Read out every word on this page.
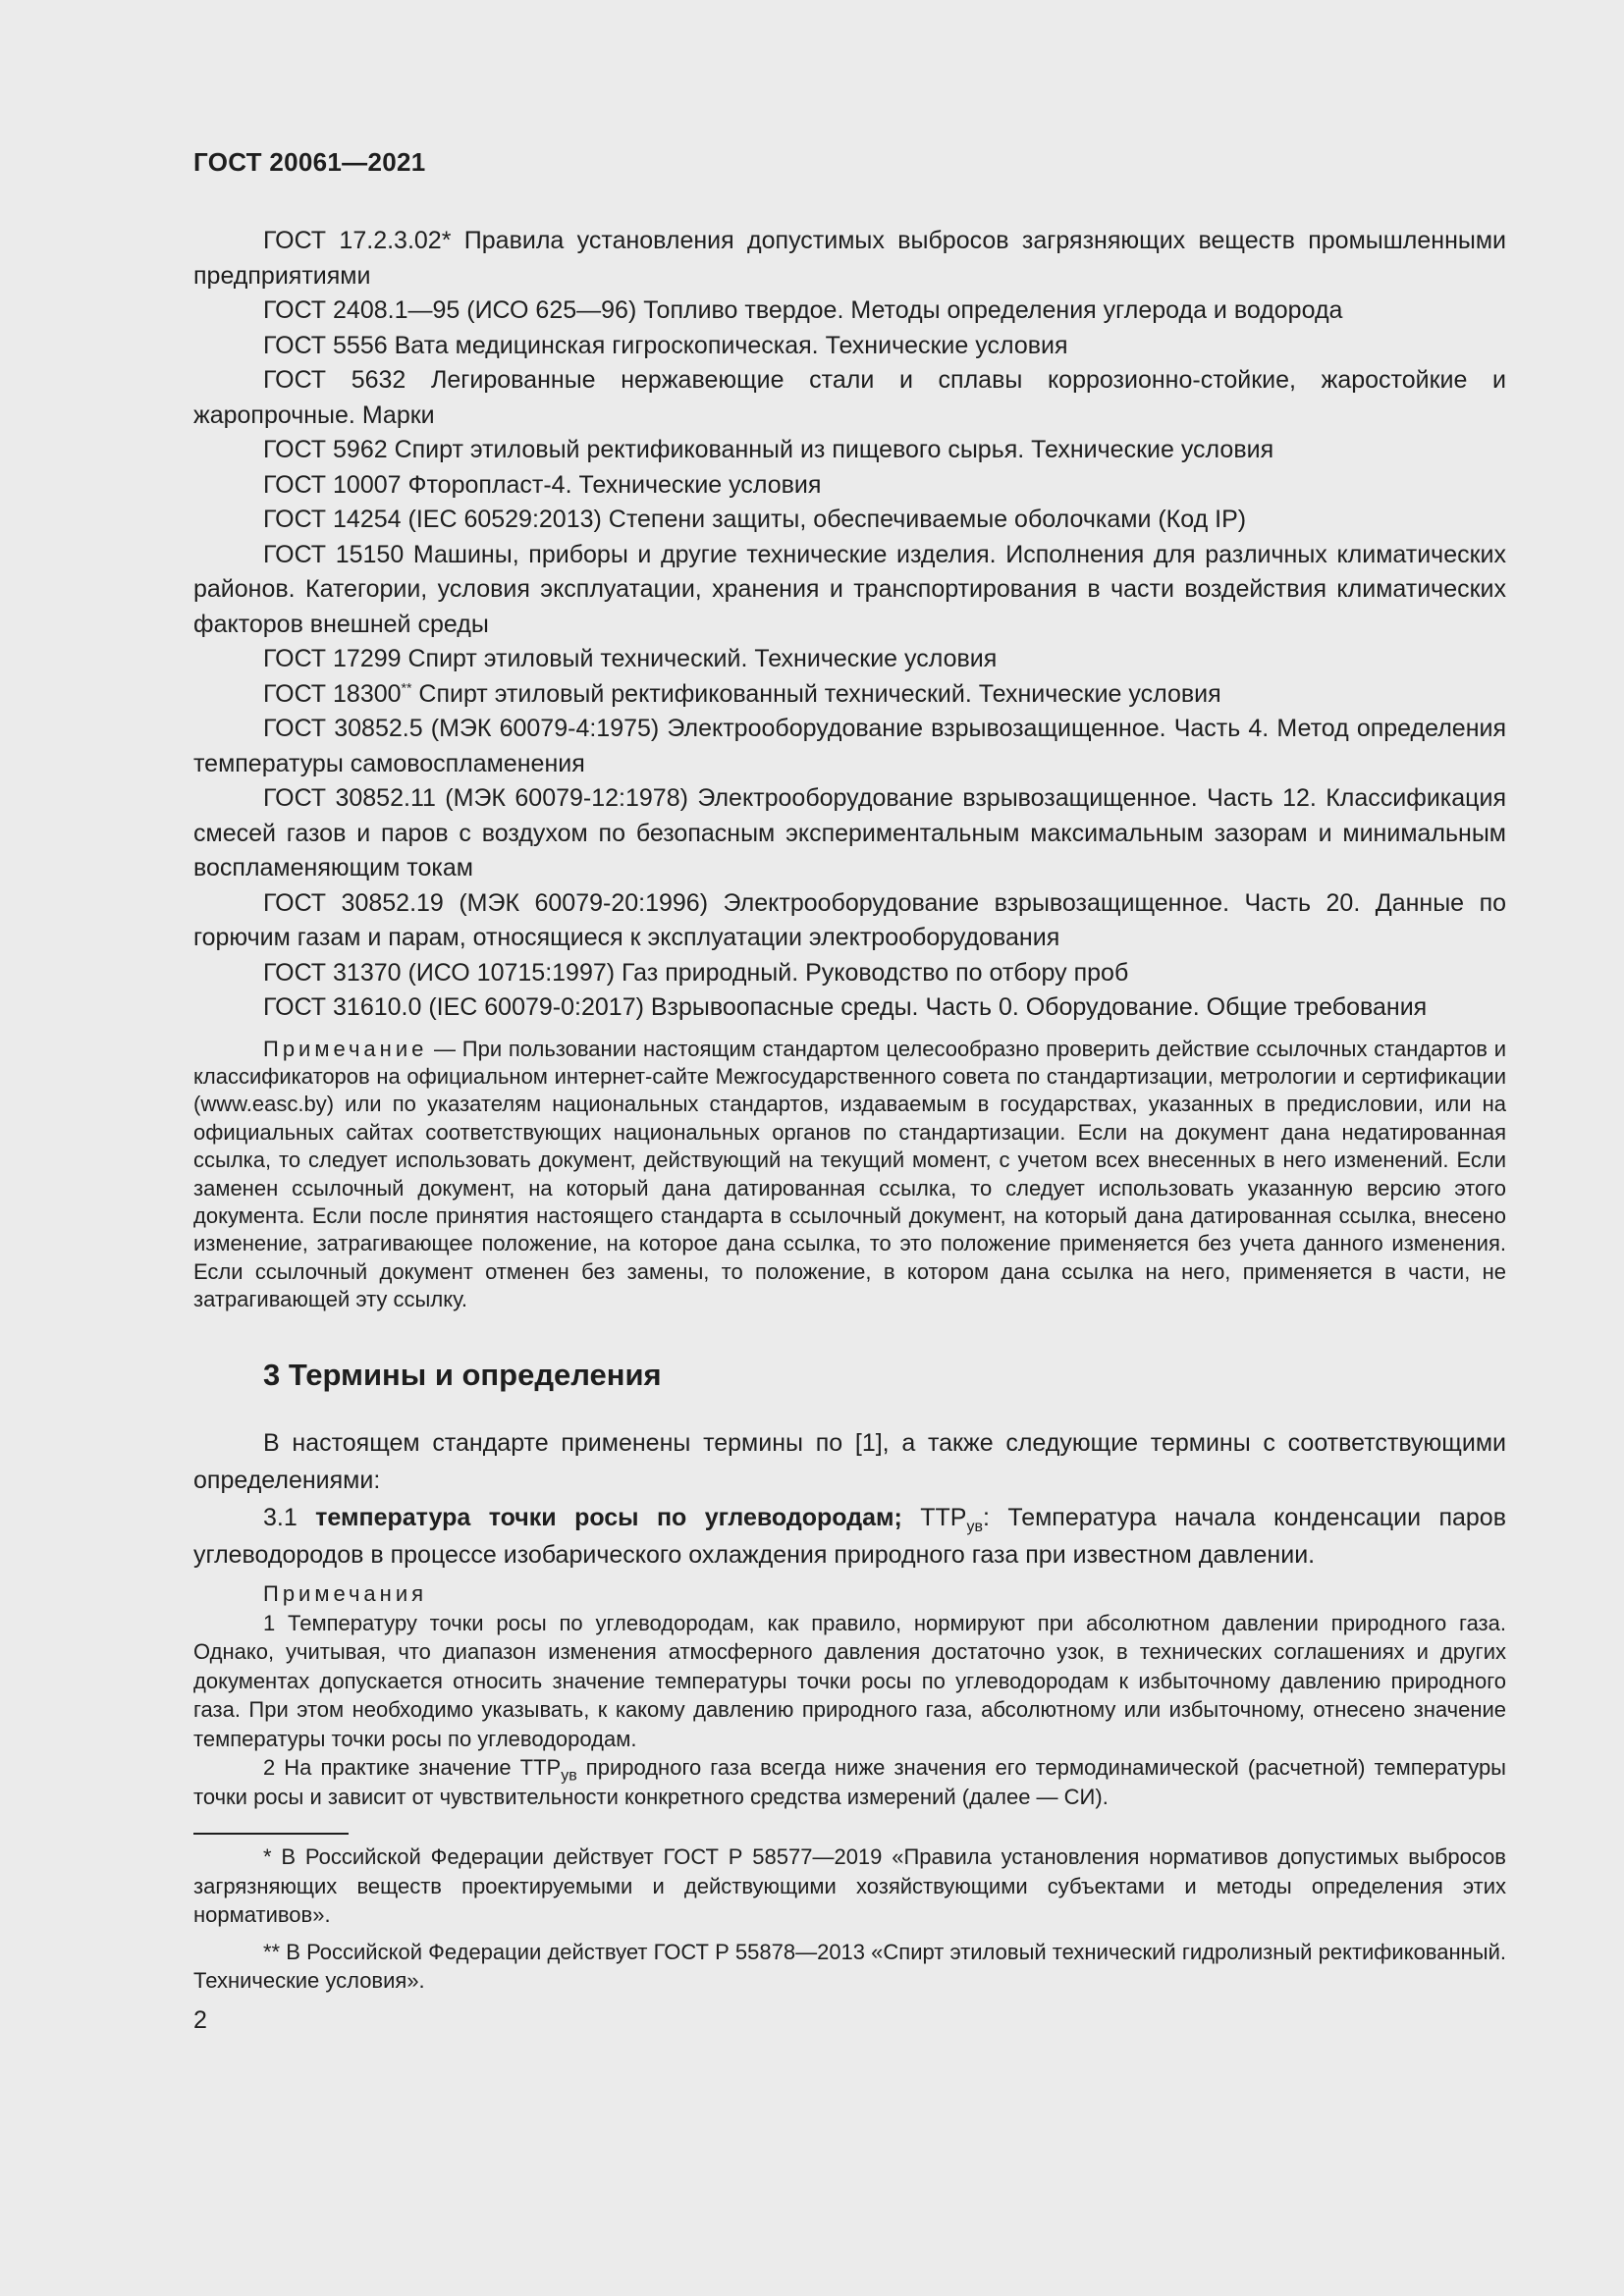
ГОСТ 20061—2021

ГОСТ 17.2.3.02* Правила установления допустимых выбросов загрязняющих веществ промышленными предприятиями

ГОСТ 2408.1—95 (ИСО 625—96) Топливо твердое. Методы определения углерода и водорода

ГОСТ 5556 Вата медицинская гигроскопическая. Технические условия

ГОСТ 5632 Легированные нержавеющие стали и сплавы коррозионно-стойкие, жаростойкие и жаропрочные. Марки

ГОСТ 5962 Спирт этиловый ректификованный из пищевого сырья. Технические условия

ГОСТ 10007 Фторопласт-4. Технические условия

ГОСТ 14254 (IEC 60529:2013) Степени защиты, обеспечиваемые оболочками (Код IP)

ГОСТ 15150 Машины, приборы и другие технические изделия. Исполнения для различных климатических районов. Категории, условия эксплуатации, хранения и транспортирования в части воздействия климатических факторов внешней среды

ГОСТ 17299 Спирт этиловый технический. Технические условия

ГОСТ 18300** Спирт этиловый ректификованный технический. Технические условия

ГОСТ 30852.5 (МЭК 60079-4:1975) Электрооборудование взрывозащищенное. Часть 4. Метод определения температуры самовоспламенения

ГОСТ 30852.11 (МЭК 60079-12:1978) Электрооборудование взрывозащищенное. Часть 12. Классификация смесей газов и паров с воздухом по безопасным экспериментальным максимальным зазорам и минимальным воспламеняющим токам

ГОСТ 30852.19 (МЭК 60079-20:1996) Электрооборудование взрывозащищенное. Часть 20. Данные по горючим газам и парам, относящиеся к эксплуатации электрооборудования

ГОСТ 31370 (ИСО 10715:1997) Газ природный. Руководство по отбору проб

ГОСТ 31610.0 (IEC 60079-0:2017) Взрывоопасные среды. Часть 0. Оборудование. Общие требования

Примечание — При пользовании настоящим стандартом целесообразно проверить действие ссылочных стандартов и классификаторов на официальном интернет-сайте Межгосударственного совета по стандартизации, метрологии и сертификации (www.easc.by) или по указателям национальных стандартов, издаваемым в государствах, указанных в предисловии, или на официальных сайтах соответствующих национальных органов по стандартизации. Если на документ дана недатированная ссылка, то следует использовать документ, действующий на текущий момент, с учетом всех внесенных в него изменений. Если заменен ссылочный документ, на который дана датированная ссылка, то следует использовать указанную версию этого документа. Если после принятия настоящего стандарта в ссылочный документ, на который дана датированная ссылка, внесено изменение, затрагивающее положение, на которое дана ссылка, то это положение применяется без учета данного изменения. Если ссылочный документ отменен без замены, то положение, в котором дана ссылка на него, применяется в части, не затрагивающей эту ссылку.

3 Термины и определения

В настоящем стандарте применены термины по [1], а также следующие термины с соответствующими определениями:

3.1 температура точки росы по углеводородам; $ТТР_{ув}$: Температура начала конденсации паров углеводородов в процессе изобарического охлаждения природного газа при известном давлении.

Примечания

1 Температуру точки росы по углеводородам, как правило, нормируют при абсолютном давлении природного газа. Однако, учитывая, что диапазон изменения атмосферного давления достаточно узок, в технических соглашениях и других документах допускается относить значение температуры точки росы по углеводородам к избыточному давлению природного газа. При этом необходимо указывать, к какому давлению природного газа, абсолютному или избыточному, отнесено значение температуры точки росы по углеводородам.

2 На практике значение $ТТР_{ув}$ природного газа всегда ниже значения его термодинамической (расчетной) температуры точки росы и зависит от чувствительности конкретного средства измерений (далее — СИ).

* В Российской Федерации действует ГОСТ Р 58577—2019 «Правила установления нормативов допустимых выбросов загрязняющих веществ проектируемыми и действующими хозяйствующими субъектами и методы определения этих нормативов».

** В Российской Федерации действует ГОСТ Р 55878—2013 «Спирт этиловый технический гидролизный ректификованный. Технические условия».

2
